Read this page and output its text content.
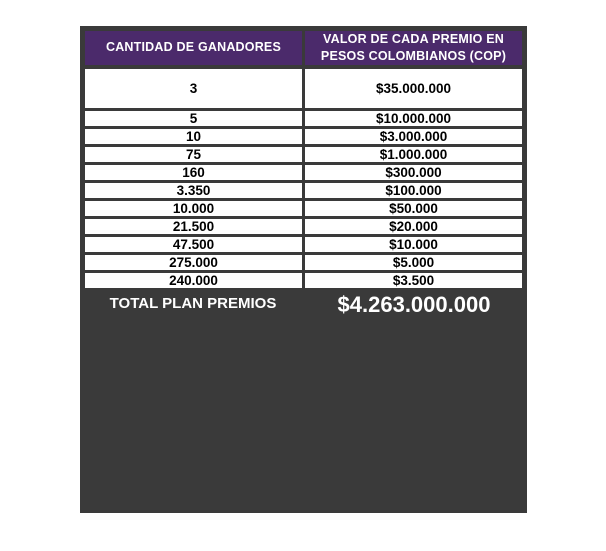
CANTIDAD DE GANADORES	VALOR DE CADA PREMIO EN PESOS COLOMBIANOS (COP)
3	$35.000.000
5	$10.000.000
10	$3.000.000
75	$1.000.000
160	$300.000
3.350	$100.000
10.000	$50.000
21.500	$20.000
47.500	$10.000
275.000	$5.000
240.000	$3.500
TOTAL PLAN PREMIOS	$4.263.000.000
